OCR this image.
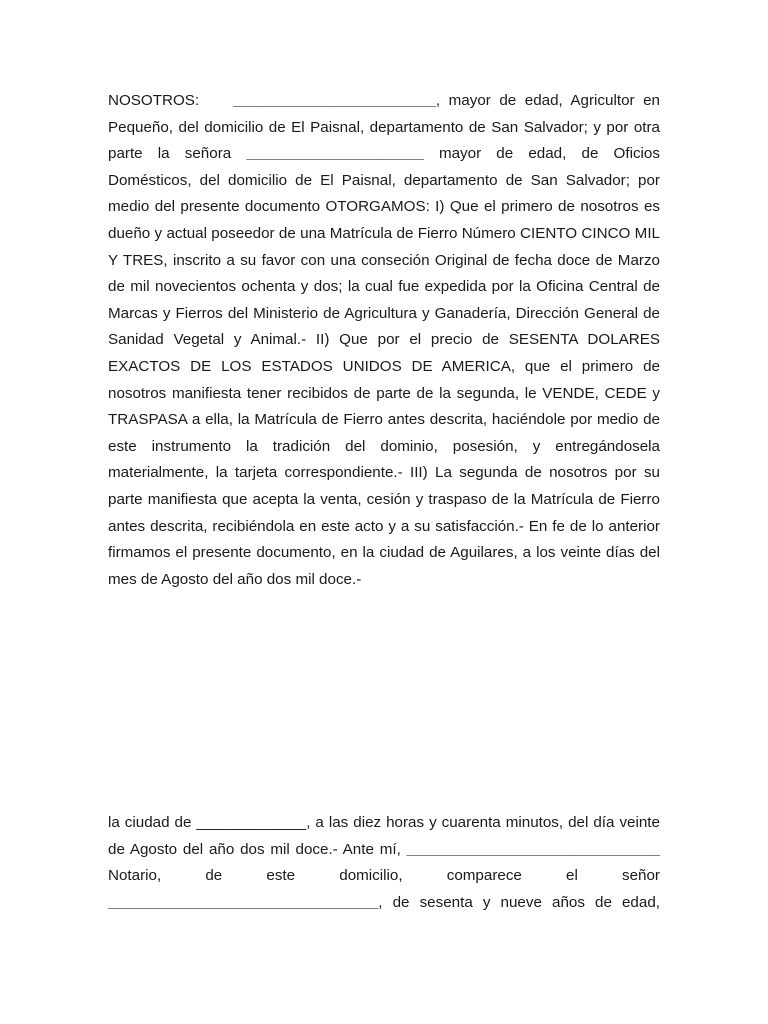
NOSOTROS: ________________________, mayor de edad, Agricultor en Pequeño, del domicilio de El Paisnal, departamento de San Salvador; y por otra parte la señora _____________________ mayor de edad, de Oficios Domésticos, del domicilio de El Paisnal, departamento de San Salvador; por medio del presente documento OTORGAMOS: I) Que el primero de nosotros es dueño y actual poseedor de una Matrícula de Fierro Número CIENTO CINCO MIL Y TRES, inscrito a su favor con una conseción Original de fecha doce de Marzo de mil novecientos ochenta y dos; la cual fue expedida por la Oficina Central de Marcas y Fierros del Ministerio de Agricultura y Ganadería, Dirección General de Sanidad Vegetal y Animal.- II) Que por el precio de SESENTA DOLARES EXACTOS DE LOS ESTADOS UNIDOS DE AMERICA, que el primero de nosotros manifiesta tener recibidos de parte de la segunda, le VENDE, CEDE y TRASPASA a ella, la Matrícula de Fierro antes descrita, haciéndole por medio de este instrumento la tradición del dominio, posesión, y entregándosela materialmente, la tarjeta correspondiente.- III) La segunda de nosotros por su parte manifiesta que acepta la venta, cesión y traspaso de la Matrícula de Fierro antes descrita, recibiéndola en este acto y a su satisfacción.- En fe de lo anterior firmamos el presente documento, en la ciudad de Aguilares, a los veinte días del mes de Agosto del año dos mil doce.-

la ciudad de _____________, a las diez horas y cuarenta minutos, del día veinte de Agosto del año dos mil doce.- Ante mí, ______________________________ Notario, de este domicilio, comparece el señor ________________________________, de sesenta y nueve años de edad,
